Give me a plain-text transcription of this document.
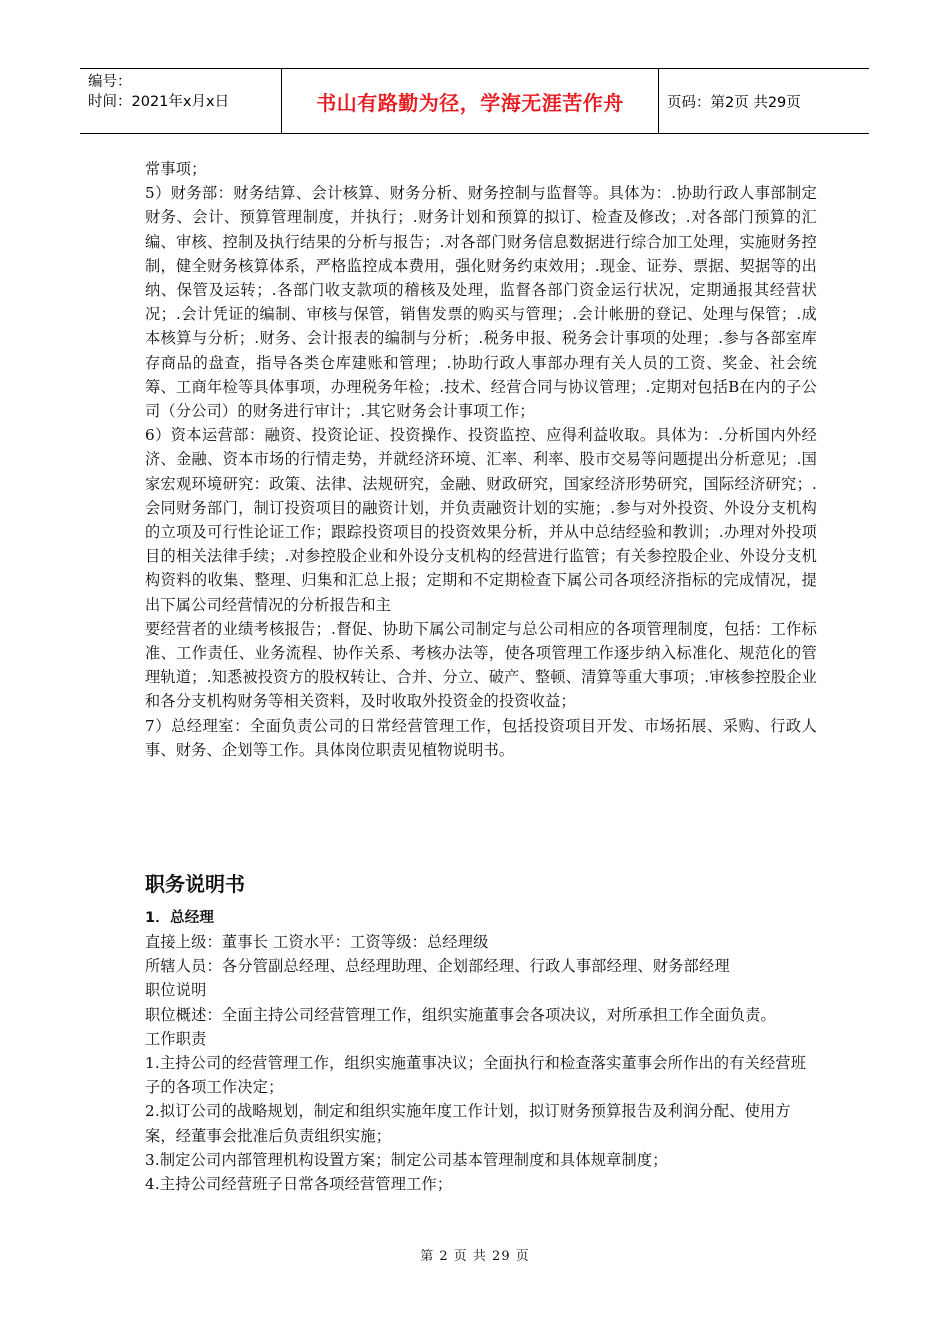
编号：
时间：2021年x月x日	书山有路勤为径，学海无涯苦作舟	页码：第2页 共29页

常事项；

5）财务部：财务结算、会计核算、财务分析、财务控制与监督等。具体为：.协助行政人事部制定财务、会计、预算管理制度，并执行；.财务计划和预算的拟订、检查及修改；.对各部门预算的汇编、审核、控制及执行结果的分析与报告；.对各部门财务信息数据进行综合加工处理，实施财务控制，健全财务核算体系，严格监控成本费用，强化财务约束效用；.现金、证券、票据、契据等的出纳、保管及运转；.各部门收支款项的稽核及处理，监督各部门资金运行状况，定期通报其经营状况；.会计凭证的编制、审核与保管，销售发票的购买与管理；.会计帐册的登记、处理与保管；.成本核算与分析；.财务、会计报表的编制与分析；.税务申报、税务会计事项的处理；.参与各部室库存商品的盘查，指导各类仓库建账和管理；.协助行政人事部办理有关人员的工资、奖金、社会统筹、工商年检等具体事项，办理税务年检；.技术、经营合同与协议管理；.定期对包括B在内的子公司（分公司）的财务进行审计；.其它财务会计事项工作；

6）资本运营部：融资、投资论证、投资操作、投资监控、应得利益收取。具体为：.分析国内外经济、金融、资本市场的行情走势，并就经济环境、汇率、利率、股市交易等问题提出分析意见；.国家宏观环境研究：政策、法律、法规研究，金融、财政研究，国家经济形势研究，国际经济研究；.会同财务部门，制订投资项目的融资计划，并负责融资计划的实施；.参与对外投资、外设分支机构的立项及可行性论证工作；跟踪投资项目的投资效果分析，并从中总结经验和教训；.办理对外投项目的相关法律手续；.对参控股企业和外设分支机构的经营进行监管；有关参控股企业、外设分支机构资料的收集、整理、归集和汇总上报；定期和不定期检查下属公司各项经济指标的完成情况，提出下属公司经营情况的分析报告和主

要经营者的业绩考核报告；.督促、协助下属公司制定与总公司相应的各项管理制度，包括：工作标准、工作责任、业务流程、协作关系、考核办法等，使各项管理工作逐步纳入标准化、规范化的管理轨道；.知悉被投资方的股权转让、合并、分立、破产、整顿、清算等重大事项；.审核参控股企业和各分支机构财务等相关资料，及时收取外投资金的投资收益；

7）总经理室：全面负责公司的日常经营管理工作，包括投资项目开发、市场拓展、采购、行政人事、财务、企划等工作。具体岗位职责见植物说明书。

职务说明书

1．总经理

直接上级：董事长 工资水平：工资等级：总经理级

所辖人员：各分管副总经理、总经理助理、企划部经理、行政人事部经理、财务部经理

职位说明

职位概述：全面主持公司经营管理工作，组织实施董事会各项决议，对所承担工作全面负责。

工作职责

1.主持公司的经营管理工作，组织实施董事决议；全面执行和检查落实董事会所作出的有关经营班子的各项工作决定；

2.拟订公司的战略规划，制定和组织实施年度工作计划，拟订财务预算报告及利润分配、使用方案，经董事会批准后负责组织实施；

3.制定公司内部管理机构设置方案；制定公司基本管理制度和具体规章制度；

4.主持公司经营班子日常各项经营管理工作；

第 2 页 共 29 页
